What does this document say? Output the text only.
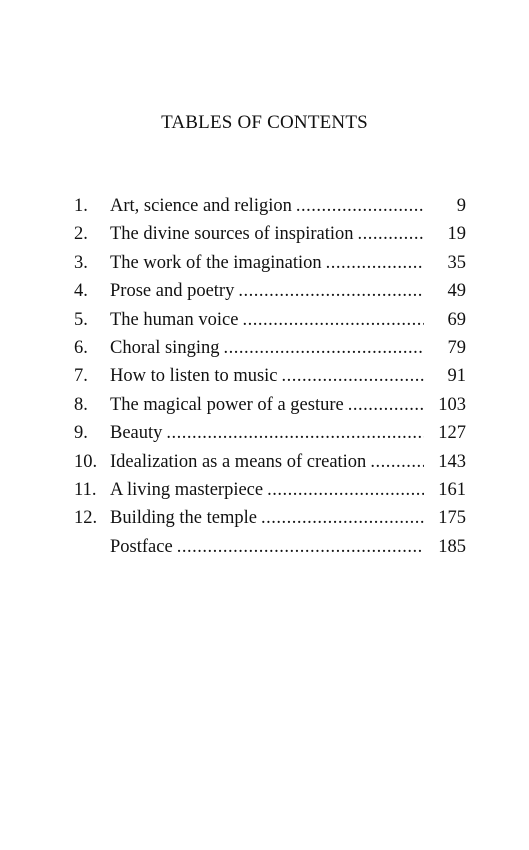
TABLES OF CONTENTS
1.	Art, science and religion .....	9
2.	The divine sources of inspiration .....	19
3.	The work of the imagination .....	35
4.	Prose and poetry .....	49
5.	The human voice .....	69
6.	Choral singing .....	79
7.	How to listen to music .....	91
8.	The magical power of a gesture .....	103
9.	Beauty .....	127
10. Idealization as a means of creation .....	143
11. A living masterpiece .....	161
12. Building the temple .....	175
Postface .....	185
